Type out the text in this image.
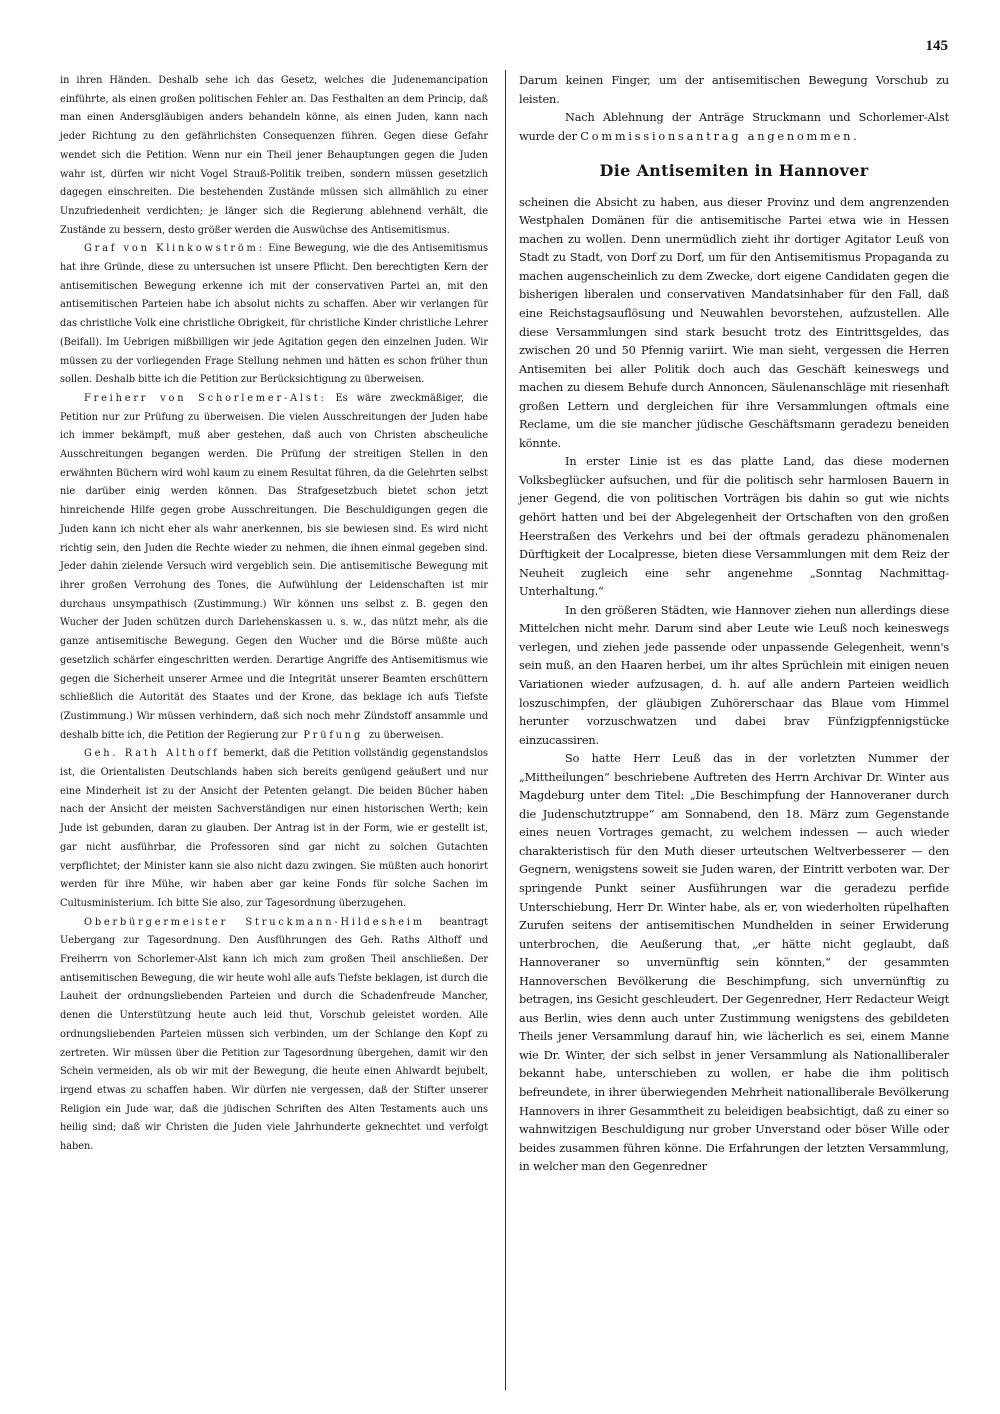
145

in ihren Händen. Deshalb sehe ich das Gesetz, welches die Judenemancipation einführte, als einen großen politischen Fehler an. Das Festhalten an dem Princip, daß man einen Andersgläubigen anders behandeln könne, als einen Juden, kann nach jeder Richtung zu den gefährlichsten Consequenzen führen. Gegen diese Gefahr wendet sich die Petition. Wenn nur ein Theil jener Behauptungen gegen die Juden wahr ist, dürfen wir nicht Vogel Strauß-Politik treiben, sondern müssen gesetzlich dagegen einschreiten. Die bestehenden Zustände müssen sich allmählich zu einer Unzufriedenheit verdichten; je länger sich die Regierung ablehnend verhält, die Zustände zu bessern, desto größer werden die Auswüchse des Antisemitismus.

Graf von Klinkowström: Eine Bewegung, wie die des Antisemitismus hat ihre Gründe, diese zu untersuchen ist unsere Pflicht. Den berechtigten Kern der antisemitischen Bewegung erkenne ich mit der conservativen Partei an, mit den antisemitischen Parteien habe ich absolut nichts zu schaffen. Aber wir verlangen für das christliche Volk eine christliche Obrigkeit, für christliche Kinder christliche Lehrer (Beifall). Im Uebrigen mißbilligen wir jede Agitation gegen den einzelnen Juden. Wir müssen zu der vorliegenden Frage Stellung nehmen und hätten es schon früher thun sollen. Deshalb bitte ich die Petition zur Berücksichtigung zu überweisen.

Freiherr von Schorlemer-Alst: Es wäre zweckmäßiger, die Petition nur zur Prüfung zu überweisen. Die vielen Ausschreitungen der Juden habe ich immer bekämpft, muß aber gestehen, daß auch von Christen abscheuliche Ausschreitungen begangen werden. Die Prüfung der streitigen Stellen in den erwähnten Büchern wird wohl kaum zu einem Resultat führen, da die Gelehrten selbst nie darüber einig werden können. Das Strafgesetzbuch bietet schon jetzt hinreichende Hilfe gegen grobe Ausschreitungen. Die Beschuldigungen gegen die Juden kann ich nicht eher als wahr anerkennen, bis sie bewiesen sind. Es wird nicht richtig sein, den Juden die Rechte wieder zu nehmen, die ihnen einmal gegeben sind. Jeder dahin zielende Versuch wird vergeblich sein. Die antisemitische Bewegung mit ihrer großen Verrohung des Tones, die Aufwühlung der Leidenschaften ist mir durchaus unsympathisch (Zustimmung.) Wir können uns selbst z. B. gegen den Wucher der Juden schützen durch Darlehenskassen u. s. w., das nützt mehr, als die ganze antisemitische Bewegung. Gegen den Wucher und die Börse müßte auch gesetzlich schärfer eingeschritten werden. Derartige Angriffe des Antisemitismus wie gegen die Sicherheit unserer Armee und die Integrität unserer Beamten erschüttern schließlich die Autorität des Staates und der Krone, das beklage ich aufs Tiefste (Zustimmung.) Wir müssen verhindern, daß sich noch mehr Zündstoff ansammle und deshalb bitte ich, die Petition der Regierung zur Prüfung zu überweisen.

Geh. Rath Althoff bemerkt, daß die Petition vollständig gegenstandslos ist, die Orientalisten Deutschlands haben sich bereits genügend geäußert und nur eine Minderheit ist zu der Ansicht der Petenten gelangt. Die beiden Bücher haben nach der Ansicht der meisten Sachverständigen nur einen historischen Werth; kein Jude ist gebunden, daran zu glauben. Der Antrag ist in der Form, wie er gestellt ist, gar nicht ausführbar, die Professoren sind gar nicht zu solchen Gutachten verpflichtet; der Minister kann sie also nicht dazu zwingen. Sie müßten auch honorirt werden für ihre Mühe, wir haben aber gar keine Fonds für solche Sachen im Cultusministerium. Ich bitte Sie also, zur Tagesordnung überzugehen.

Oberbürgermeister Struckmann-Hildesheim beantragt Uebergang zur Tagesordnung. Den Ausführungen des Geh. Raths Althoff und Freiherrn von Schorlemer-Alst kann ich mich zum großen Theil anschließen. Der antisemitischen Bewegung, die wir heute wohl alle aufs Tiefste beklagen, ist durch die Lauheit der ordnungsliebenden Parteien und durch die Schadenfreude Mancher, denen die Unterstützung heute auch leid thut, Vorschub geleistet worden. Alle ordnungsliebenden Parteien müssen sich verbinden, um der Schlange den Kopf zu zertreten. Wir müssen über die Petition zur Tagesordnung übergehen, damit wir den Schein vermeiden, als ob wir mit der Bewegung, die heute einen Ahlwardt bejubelt, irgend etwas zu schaffen haben. Wir dürfen nie vergessen, daß der Stifter unserer Religion ein Jude war, daß die jüdischen Schriften des Alten Testaments auch uns heilig sind; daß wir Christen die Juden viele Jahrhunderte geknechtet und verfolgt haben.

Darum keinen Finger, um der antisemitischen Bewegung Vorschub zu leisten.

Nach Ablehnung der Anträge Struckmann und Schorlemer-Alst wurde der Commissionsantrag angenommen.

Die Antisemiten in Hannover

scheinen die Absicht zu haben, aus dieser Provinz und dem angrenzenden Westphalen Domänen für die antisemitische Partei etwa wie in Hessen machen zu wollen. Denn unermüdlich zieht ihr dortiger Agitator Leuß von Stadt zu Stadt, von Dorf zu Dorf, um für den Antisemitismus Propaganda zu machen augenscheinlich zu dem Zwecke, dort eigene Candidaten gegen die bisherigen liberalen und conservativen Mandatsinhaber für den Fall, daß eine Reichstagsauflösung und Neuwahlen bevorstehen, aufzustellen. Alle diese Versammlungen sind stark besucht trotz des Eintrittsgeldes, das zwischen 20 und 50 Pfennig variirt. Wie man sieht, vergessen die Herren Antisemiten bei aller Politik doch auch das Geschäft keineswegs und machen zu diesem Behufe durch Annoncen, Säulenanschläge mit riesenhaft großen Lettern und dergleichen für ihre Versammlungen oftmals eine Reclame, um die sie mancher jüdische Geschäftsmann geradezu beneiden könnte.

In erster Linie ist es das platte Land, das diese modernen Volksbeglücker aufsuchen, und für die politisch sehr harmlosen Bauern in jener Gegend, die von politischen Vorträgen bis dahin so gut wie nichts gehört hatten und bei der Abgelegenheit der Ortschaften von den großen Heerstraßen des Verkehrs und bei der oftmals geradezu phänomenalen Dürftigkeit der Localpresse, bieten diese Versammlungen mit dem Reiz der Neuheit zugleich eine sehr angenehme „Sonntag Nachmittag-Unterhaltung.“

In den größeren Städten, wie Hannover ziehen nun allerdings diese Mittelchen nicht mehr. Darum sind aber Leute wie Leuß noch keineswegs verlegen, und ziehen jede passende oder unpassende Gelegenheit, wenn's sein muß, an den Haaren herbei, um ihr altes Sprüchlein mit einigen neuen Variationen wieder aufzusagen, d. h. auf alle andern Parteien weidlich loszuschimpfen, der gläubigen Zuhörerschaar das Blaue vom Himmel herunter vorzuschwatzen und dabei brav Fünfzigpfennigstücke einzucassiren.

So hatte Herr Leuß das in der vorletzten Nummer der „Mittheilungen“ beschriebene Auftreten des Herrn Archivar Dr. Winter aus Magdeburg unter dem Titel: „Die Beschimpfung der Hannoveraner durch die Judenschutztruppe“ am Sonnabend, den 18. März zum Gegenstande eines neuen Vortrages gemacht, zu welchem indessen — auch wieder charakteristisch für den Muth dieser urteutschen Weltverbesserer — den Gegnern, wenigstens soweit sie Juden waren, der Eintritt verboten war. Der springende Punkt seiner Ausführungen war die geradezu perfide Unterschiebung, Herr Dr. Winter habe, als er, von wiederholten rüpelhaften Zurufen seitens der antisemitischen Mundhelden in seiner Erwiderung unterbrochen, die Aeußerung that, „er hätte nicht geglaubt, daß Hannoveraner so unvernünftig sein könnten,“ der gesammten Hannoverschen Bevölkerung die Beschimpfung, sich unvernünftig zu betragen, ins Gesicht geschleudert. Der Gegenredner, Herr Redacteur Weigt aus Berlin, wies denn auch unter Zustimmung wenigstens des gebildeten Theils jener Versammlung darauf hin, wie lächerlich es sei, einem Manne wie Dr. Winter, der sich selbst in jener Versammlung als Nationalliberaler bekannt habe, unterschieben zu wollen, er habe die ihm politisch befreundete, in ihrer überwiegenden Mehrheit nationalliberale Bevölkerung Hannovers in ihrer Gesammtheit zu beleidigen beabsichtigt, daß zu einer so wahnwitzigen Beschuldigung nur grober Unverstand oder böser Wille oder beides zusammen führen könne. Die Erfahrungen der letzten Versammlung, in welcher man den Gegenredner
